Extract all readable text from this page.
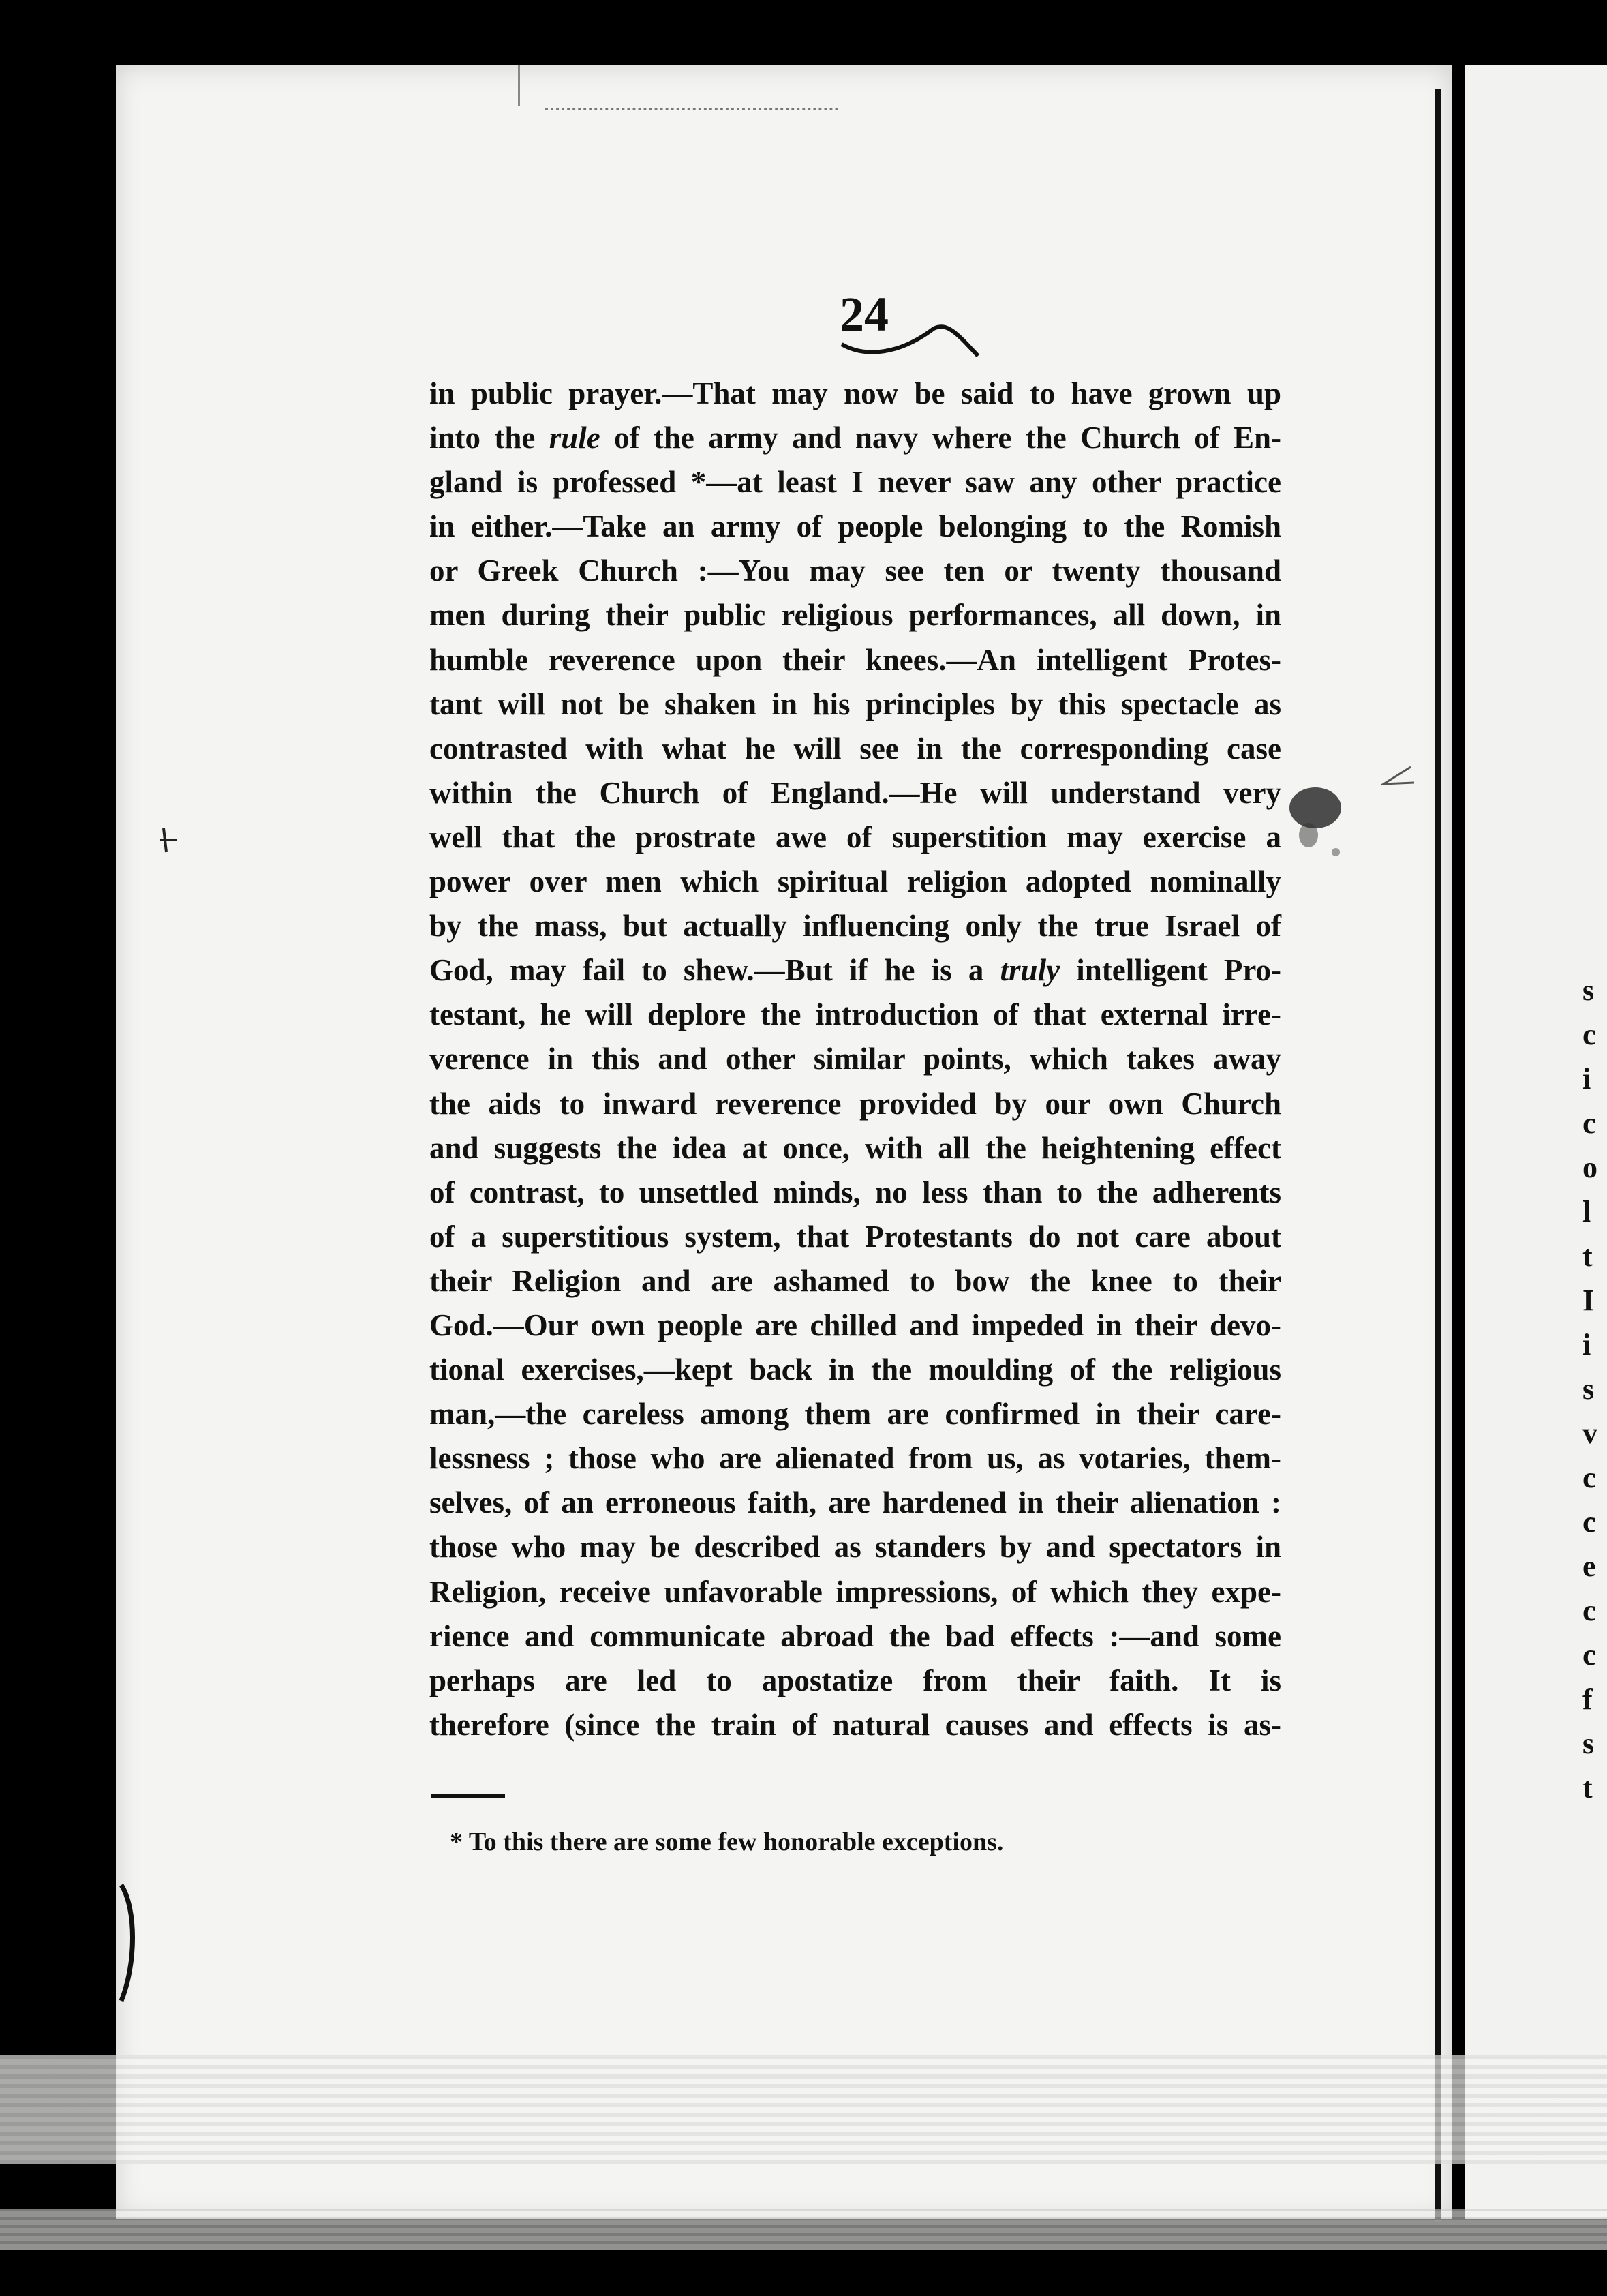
24
in public prayer.—That may now be said to have grown up
into the rule of the army and navy where the Church of En-
gland is professed *—at least I never saw any other practice
in either.—Take an army of people belonging to the Romish
or Greek Church :—You may see ten or twenty thousand
men during their public religious performances, all down, in
humble reverence upon their knees.—An intelligent Protes-
tant will not be shaken in his principles by this spectacle as
contrasted with what he will see in the corresponding case
within the Church of England.—He will understand very
well that the prostrate awe of superstition may exercise a
power over men which spiritual religion adopted nominally
by the mass, but actually influencing only the true Israel of
God, may fail to shew.—But if he is a truly intelligent Pro-
testant, he will deplore the introduction of that external irre-
verence in this and other similar points, which takes away
the aids to inward reverence provided by our own Church
and suggests the idea at once, with all the heightening effect
of contrast, to unsettled minds, no less than to the adherents
of a superstitious system, that Protestants do not care about
their Religion and are ashamed to bow the knee to their
God.—Our own people are chilled and impeded in their devo-
tional exercises,—kept back in the moulding of the religious
man,—the careless among them are confirmed in their care-
lessness ; those who are alienated from us, as votaries, them-
selves, of an erroneous faith, are hardened in their alienation :
those who may be described as standers by and spectators in
Religion, receive unfavorable impressions, of which they expe-
rience and communicate abroad the bad effects :—and some
perhaps are led to apostatize from their faith. It is
therefore (since the train of natural causes and effects is as-
* To this there are some few honorable exceptions.
s
c
i
c
o
l
t
I
i
s
v
c
c
e
c
c
f
s
t
